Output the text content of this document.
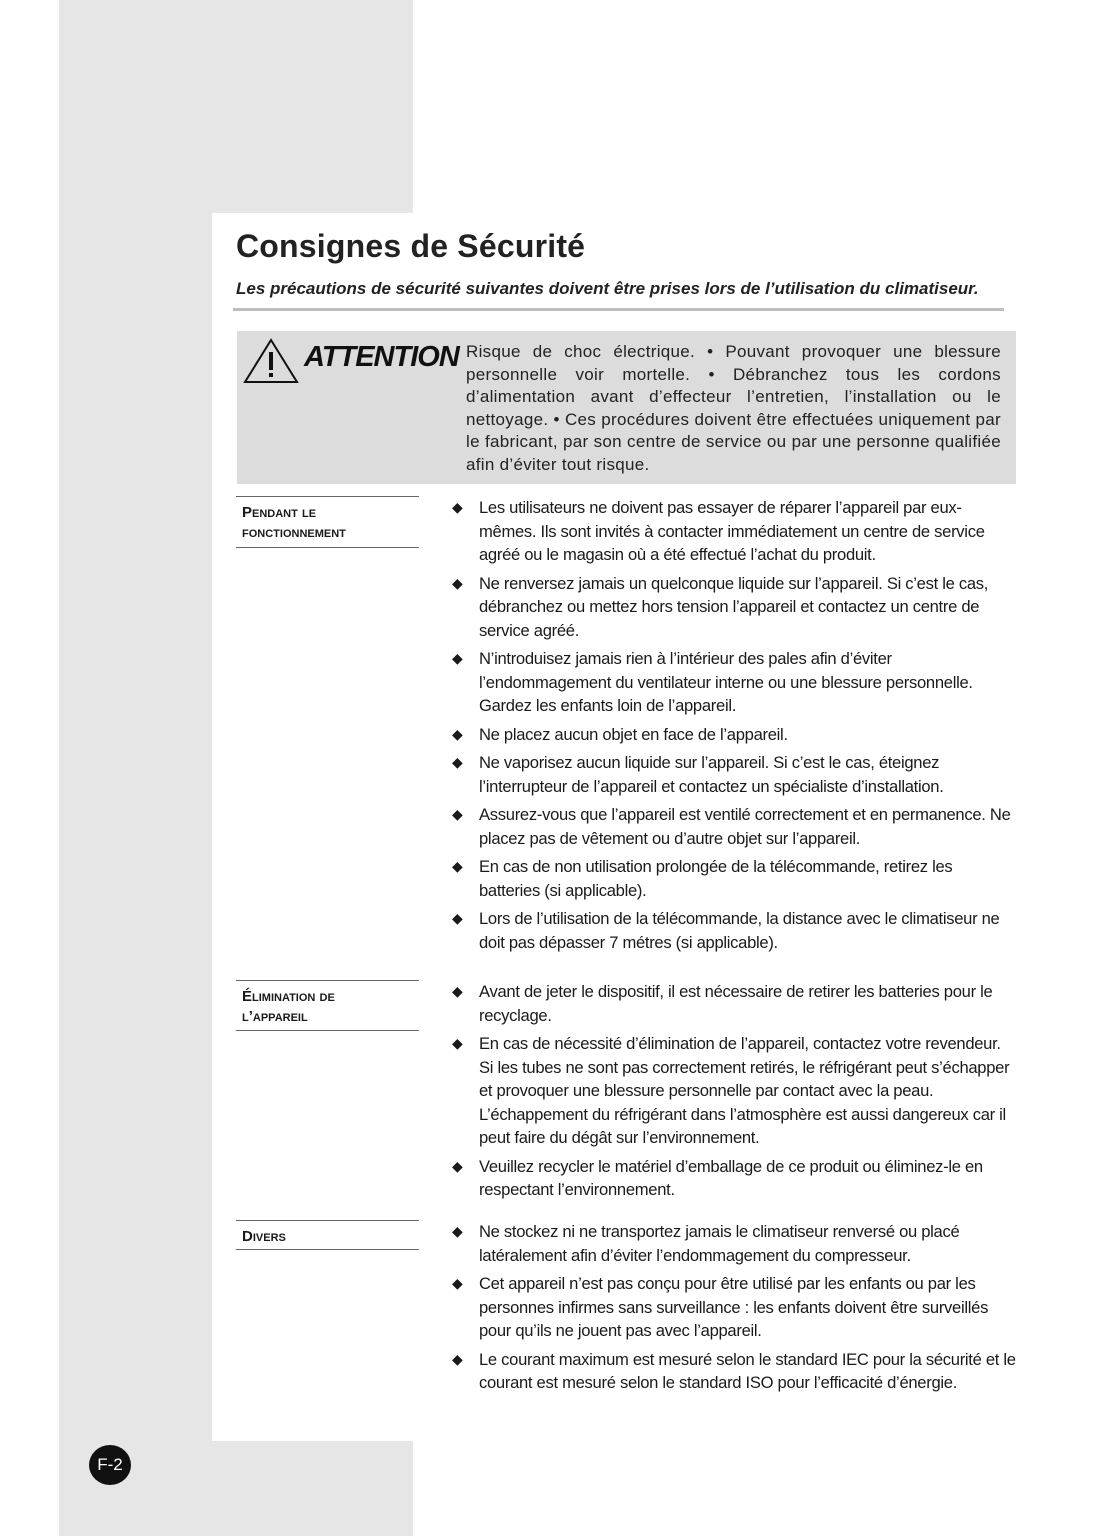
Consignes de Sécurité

Les précautions de sécurité suivantes doivent être prises lors de l’utilisation du climatiseur.

ATTENTION Risque de choc électrique. • Pouvant provoquer une blessure personnelle voir mortelle. • Débranchez tous les cordons d’alimentation avant d’effecteur l’entretien, l’installation ou le nettoyage. • Ces procédures doivent être effectuées uniquement par le fabricant, par son centre de service ou par une personne qualifiée afin d’éviter tout risque.

Pendant le
fonctionnement
◆ Les utilisateurs ne doivent pas essayer de réparer l’appareil par eux-mêmes. Ils sont invités à contacter immédiatement un centre de service agréé ou le magasin où a été effectué l’achat du produit.
◆ Ne renversez jamais un quelconque liquide sur l’appareil. Si c’est le cas, débranchez ou mettez hors tension l’appareil et contactez un centre de service agréé.
◆ N’introduisez jamais rien à l’intérieur des pales afin d’éviter l’endommagement du ventilateur interne ou une blessure personnelle. Gardez les enfants loin de l’appareil.
◆ Ne placez aucun objet en face de l’appareil.
◆ Ne vaporisez aucun liquide sur l’appareil. Si c’est le cas, éteignez l’interrupteur de l’appareil et contactez un spécialiste d’installation.
◆ Assurez-vous que l’appareil est ventilé correctement et en permanence. Ne placez pas de vêtement ou d’autre objet sur l’appareil.
◆ En cas de non utilisation prolongée de la télécommande, retirez les batteries (si applicable).
◆ Lors de l’utilisation de la télécommande, la distance avec le climatiseur ne doit pas dépasser 7 métres (si applicable).
Élimination de
l’appareil
◆ Avant de jeter le dispositif, il est nécessaire de retirer les batteries pour le recyclage.
◆ En cas de nécessité d’élimination de l’appareil, contactez votre revendeur. Si les tubes ne sont pas correctement retirés, le réfrigérant peut s’échapper et provoquer une blessure personnelle par contact avec la peau. L’échappement du réfrigérant dans l’atmosphère est aussi dangereux car il peut faire du dégât sur l’environnement.
◆ Veuillez recycler le matériel d’emballage de ce produit ou éliminez-le en respectant l’environnement.
Divers	◆ Ne stockez ni ne transportez jamais le climatiseur renversé ou placé latéralement afin d’éviter l’endommagement du compresseur.
◆ Cet appareil n’est pas conçu pour être utilisé par les enfants ou par les personnes infirmes sans surveillance : les enfants doivent être surveillés pour qu’ils ne jouent pas avec l’appareil.
◆ Le courant maximum est mesuré selon le standard IEC pour la sécurité et le courant est mesuré selon le standard ISO pour l’efficacité d’énergie.
F-2
